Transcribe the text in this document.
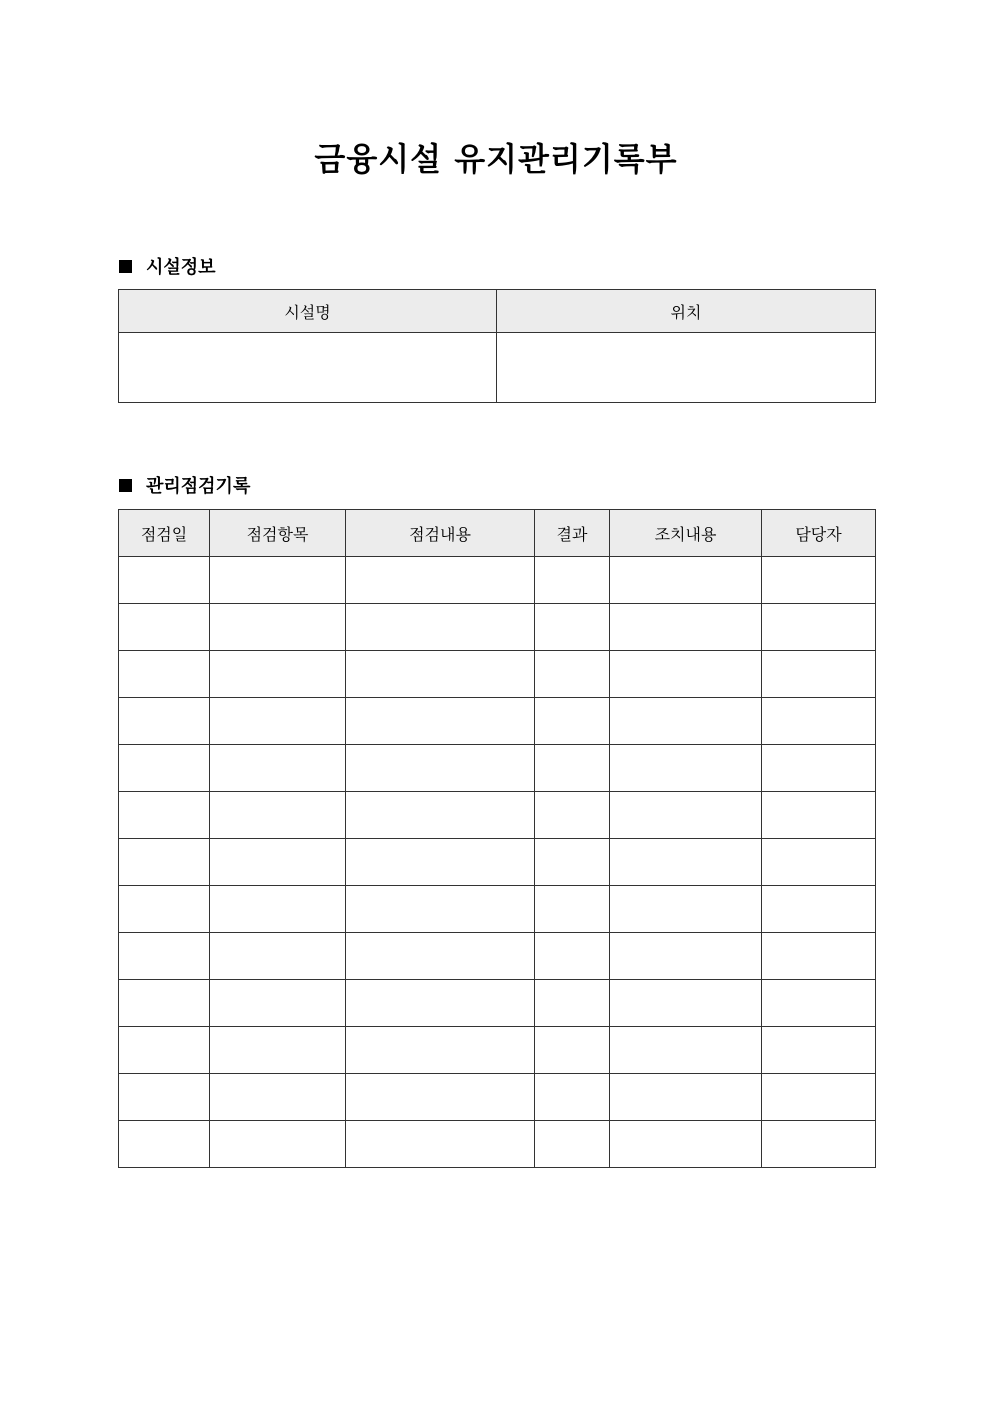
금융시설 유지관리기록부
시설정보
시설명	위치

관리점검기록
점검일	점검항목	점검내용	결과	조치내용	담당자
